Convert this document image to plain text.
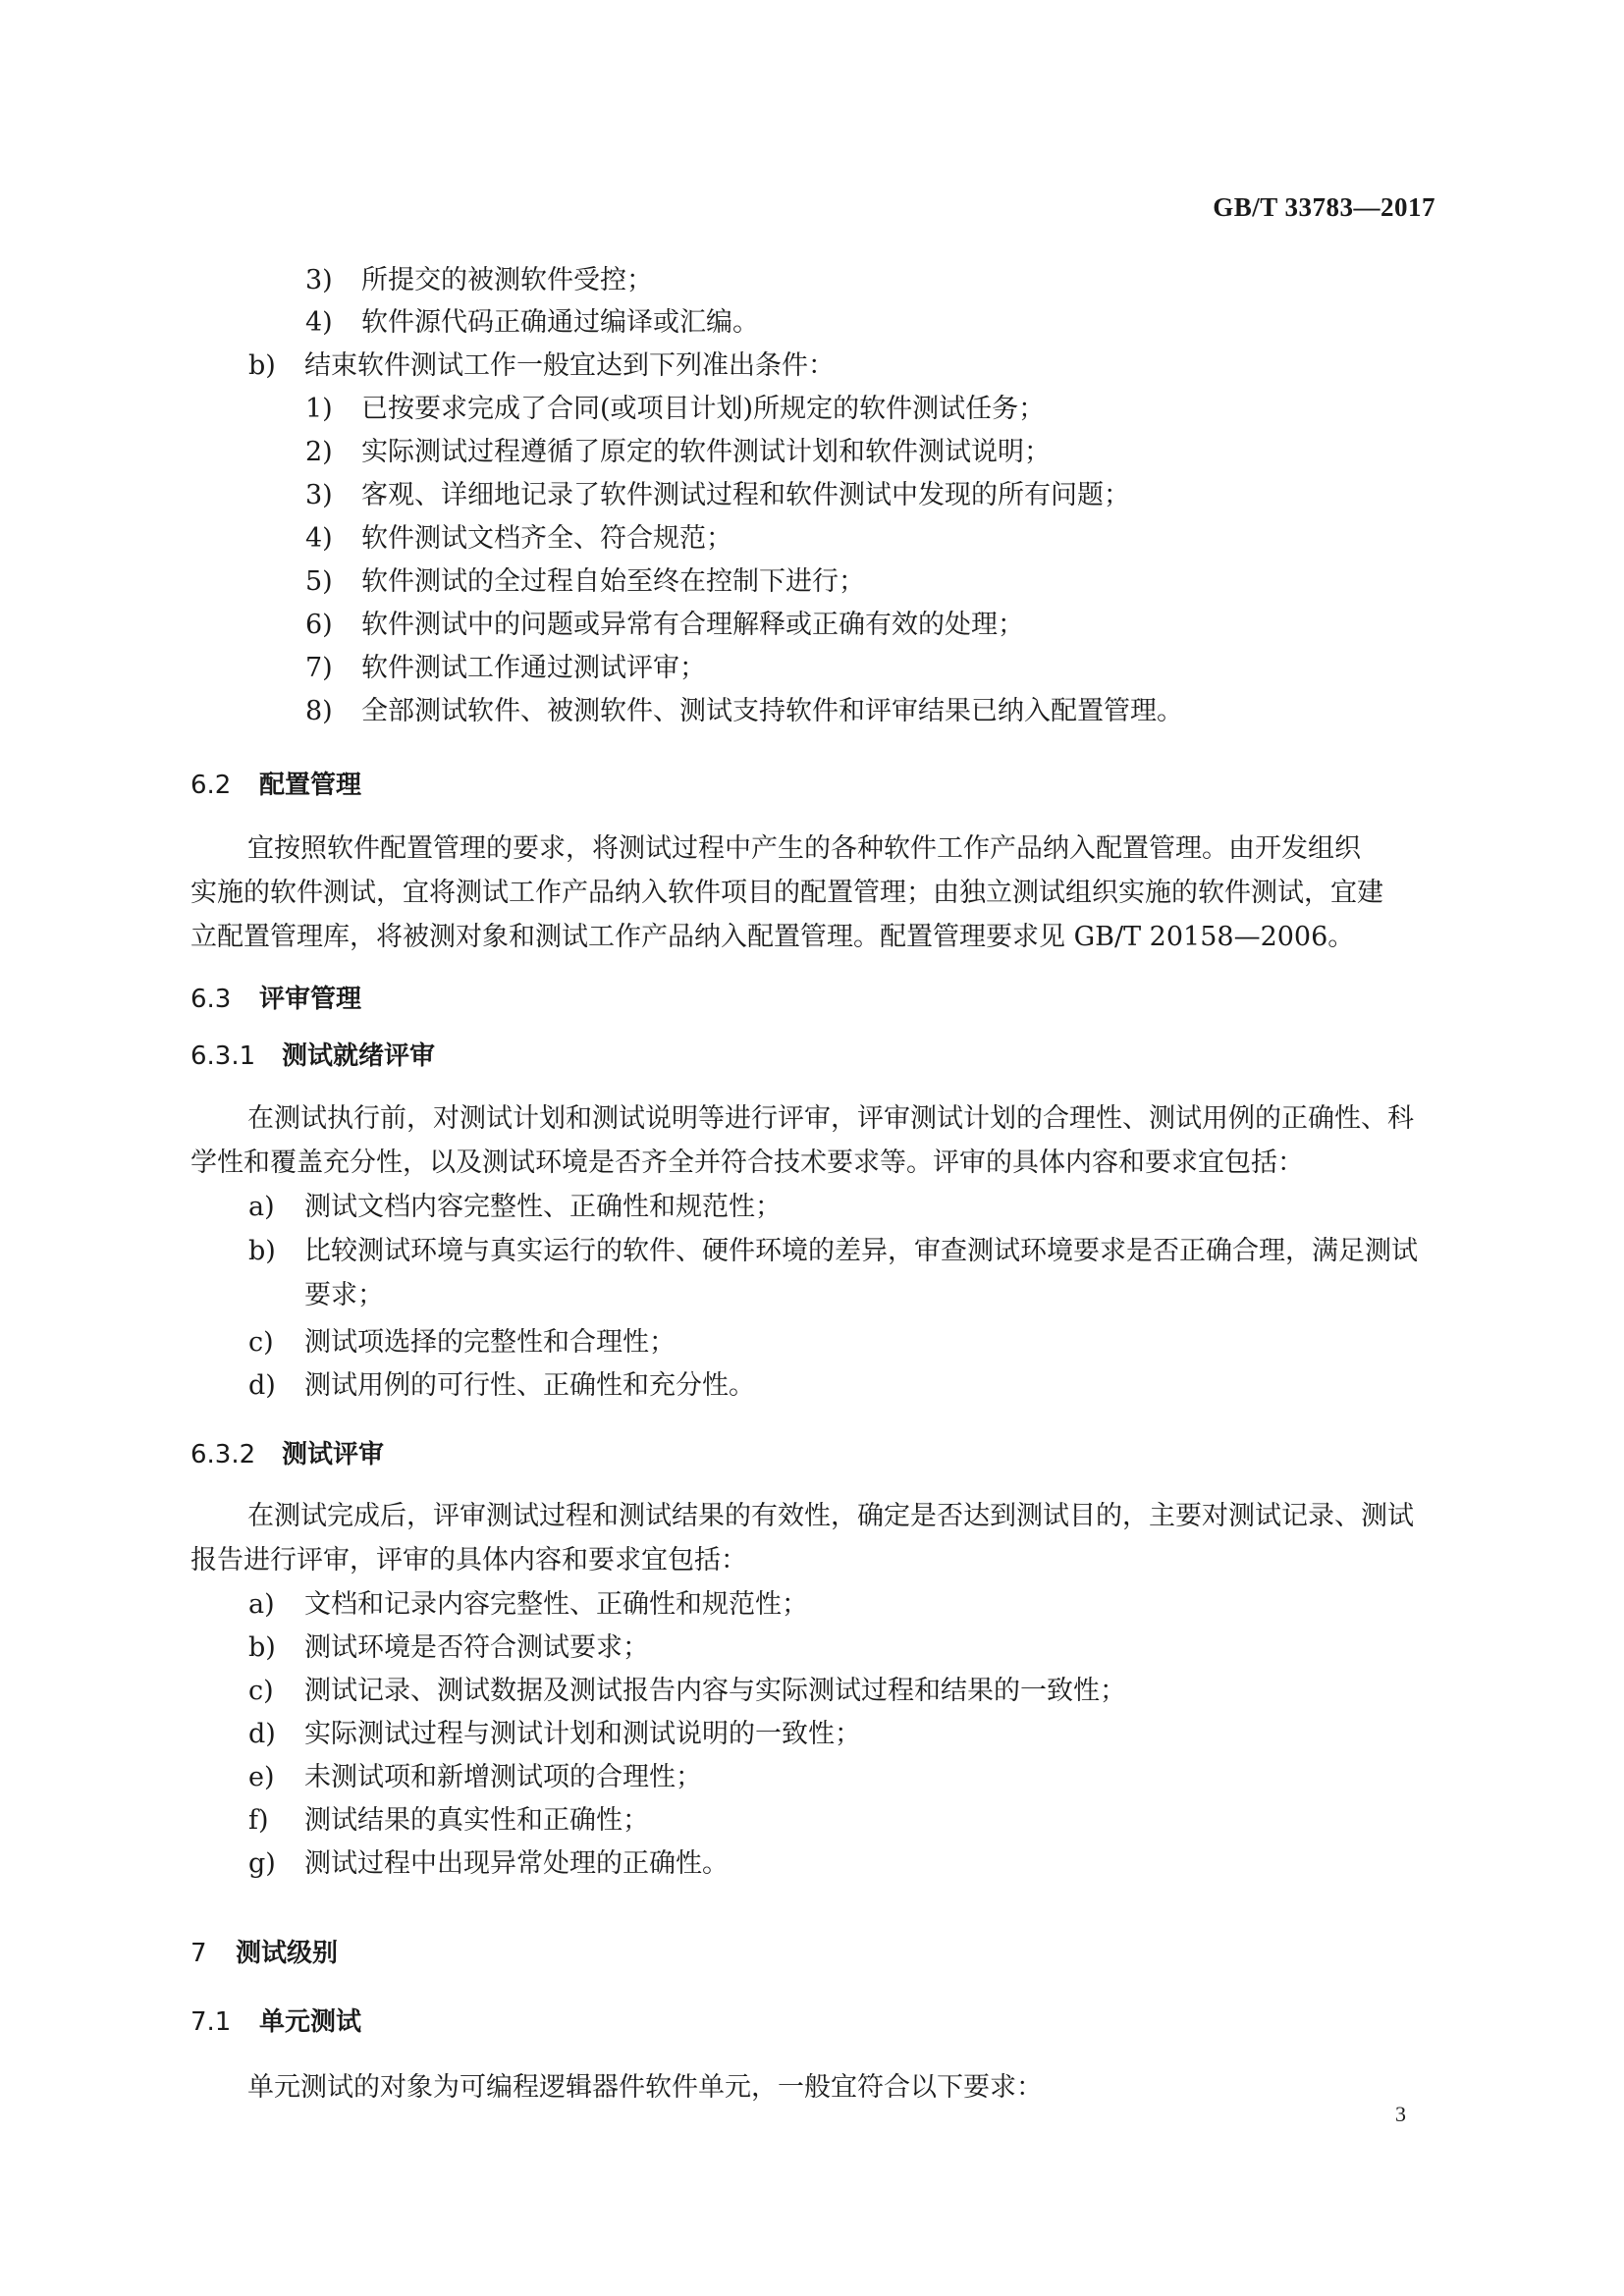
GB/T 33783—2017
3) 所提交的被测软件受控；
4) 软件源代码正确通过编译或汇编。
b) 结束软件测试工作一般宜达到下列准出条件：
1) 已按要求完成了合同(或项目计划)所规定的软件测试任务；
2) 实际测试过程遵循了原定的软件测试计划和软件测试说明；
3) 客观、详细地记录了软件测试过程和软件测试中发现的所有问题；
4) 软件测试文档齐全、符合规范；
5) 软件测试的全过程自始至终在控制下进行；
6) 软件测试中的问题或异常有合理解释或正确有效的处理；
7) 软件测试工作通过测试评审；
8) 全部测试软件、被测软件、测试支持软件和评审结果已纳入配置管理。
6.2 配置管理

宜按照软件配置管理的要求，将测试过程中产生的各种软件工作产品纳入配置管理。由开发组织

实施的软件测试，宜将测试工作产品纳入软件项目的配置管理；由独立测试组织实施的软件测试，宜建

立配置管理库，将被测对象和测试工作产品纳入配置管理。配置管理要求见 GB/T 20158—2006。

6.3 评审管理
6.3.1 测试就绪评审

在测试执行前，对测试计划和测试说明等进行评审，评审测试计划的合理性、测试用例的正确性、科

学性和覆盖充分性，以及测试环境是否齐全并符合技术要求等。评审的具体内容和要求宜包括：

a) 测试文档内容完整性、正确性和规范性；
b) 比较测试环境与真实运行的软件、硬件环境的差异，审查测试环境要求是否正确合理，满足测试要求；
c) 测试项选择的完整性和合理性；
d) 测试用例的可行性、正确性和充分性。
6.3.2 测试评审

在测试完成后，评审测试过程和测试结果的有效性，确定是否达到测试目的，主要对测试记录、测试

报告进行评审，评审的具体内容和要求宜包括：

a) 文档和记录内容完整性、正确性和规范性；
b) 测试环境是否符合测试要求；
c) 测试记录、测试数据及测试报告内容与实际测试过程和结果的一致性；
d) 实际测试过程与测试计划和测试说明的一致性；
e) 未测试项和新增测试项的合理性；
f) 测试结果的真实性和正确性；
g) 测试过程中出现异常处理的正确性。
7 测试级别
7.1 单元测试

单元测试的对象为可编程逻辑器件软件单元，一般宜符合以下要求：

3
